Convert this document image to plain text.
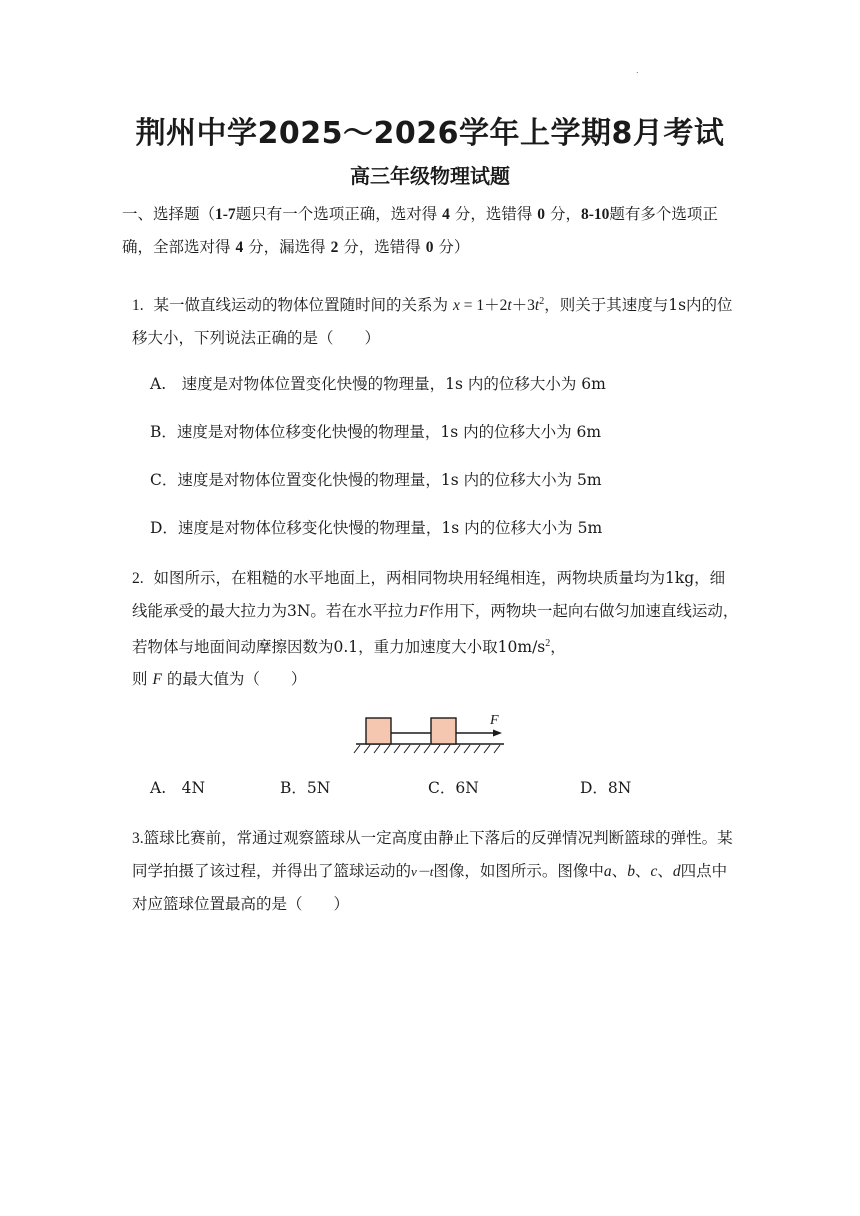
.
荆州中学2025～2026学年上学期8月考试
高三年级物理试题
一、选择题（1-7题只有一个选项正确，选对得 4 分，选错得 0 分，8-10题有多个选项正确，全部选对得 4 分，漏选得 2 分，选错得 0 分）
1. 某一做直线运动的物体位置随时间的关系为 $x = 1+2t+3t^2$，则关于其速度与1s内的位移大小，下列说法正确的是（　　）
A.　速度是对物体位置变化快慢的物理量，1s 内的位移大小为 6m
B．速度是对物体位移变化快慢的物理量，1s 内的位移大小为 6m
C．速度是对物体位置变化快慢的物理量，1s 内的位移大小为 5m
D．速度是对物体位移变化快慢的物理量，1s 内的位移大小为 5m
2. 如图所示，在粗糙的水平地面上，两相同物块用轻绳相连，两物块质量均为1kg，细线能承受的最大拉力为3N。若在水平拉力F作用下，两物块一起向右做匀加速直线运动，若物体与地面间动摩擦因数为0.1，重力加速度大小取$10m/s^2$，则 F 的最大值为（　　）
F
A.　4N	B．5N	C．6N	D．8N
3.篮球比赛前，常通过观察篮球从一定高度由静止下落后的反弹情况判断篮球的弹性。某同学拍摄了该过程，并得出了篮球运动的v－t图像，如图所示。图像中a、b、c、d四点中对应篮球位置最高的是（　　）
